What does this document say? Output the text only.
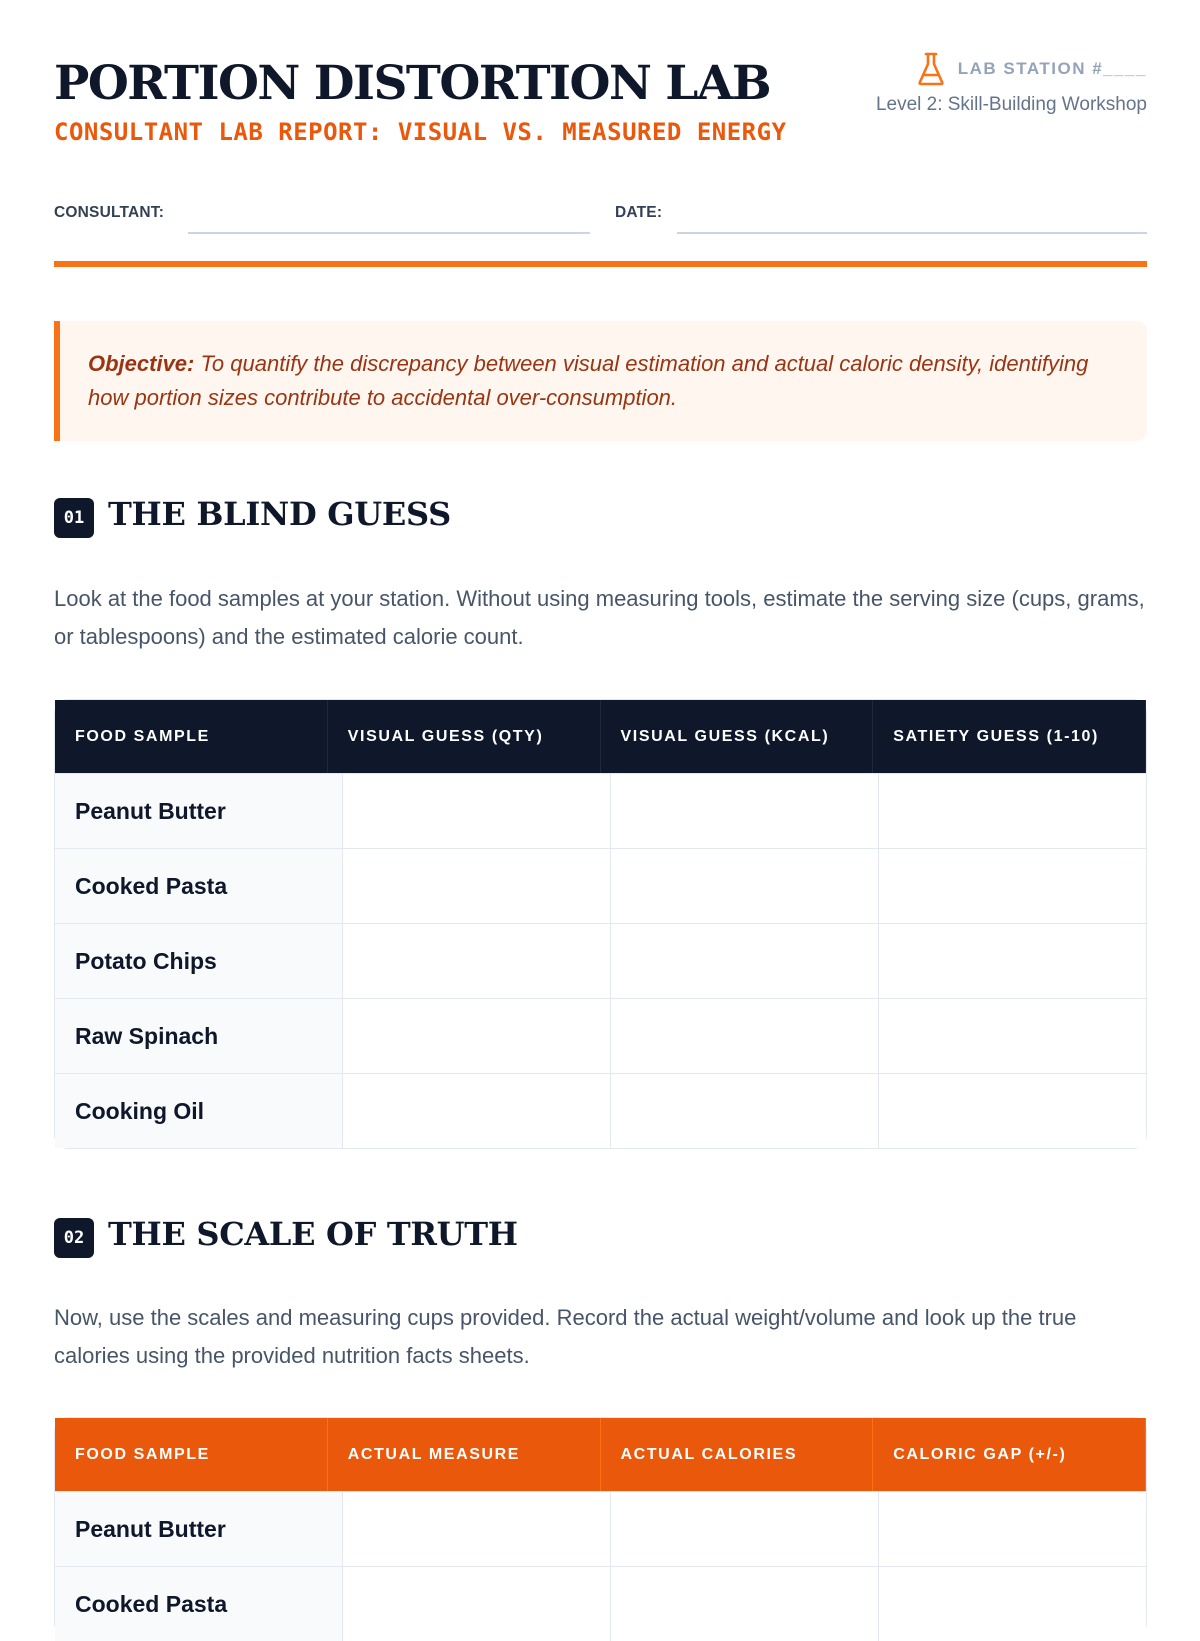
PORTION DISTORTION LAB
CONSULTANT LAB REPORT: VISUAL VS. MEASURED ENERGY
LAB STATION #____
Level 2: Skill-Building Workshop
CONSULTANT:	DATE:
Objective: To quantify the discrepancy between visual estimation and actual caloric density, identifying how portion sizes contribute to accidental over-consumption.
01 THE BLIND GUESS
Look at the food samples at your station. Without using measuring tools, estimate the serving size (cups, grams, or tablespoons) and the estimated calorie count.
FOOD SAMPLE	VISUAL GUESS (QTY)	VISUAL GUESS (KCAL)	SATIETY GUESS (1-10)
Peanut Butter
Cooked Pasta
Potato Chips
Raw Spinach
Cooking Oil
02 THE SCALE OF TRUTH
Now, use the scales and measuring cups provided. Record the actual weight/volume and look up the true calories using the provided nutrition facts sheets.
FOOD SAMPLE	ACTUAL MEASURE	ACTUAL CALORIES	CALORIC GAP (+/-)
Peanut Butter
Cooked Pasta
